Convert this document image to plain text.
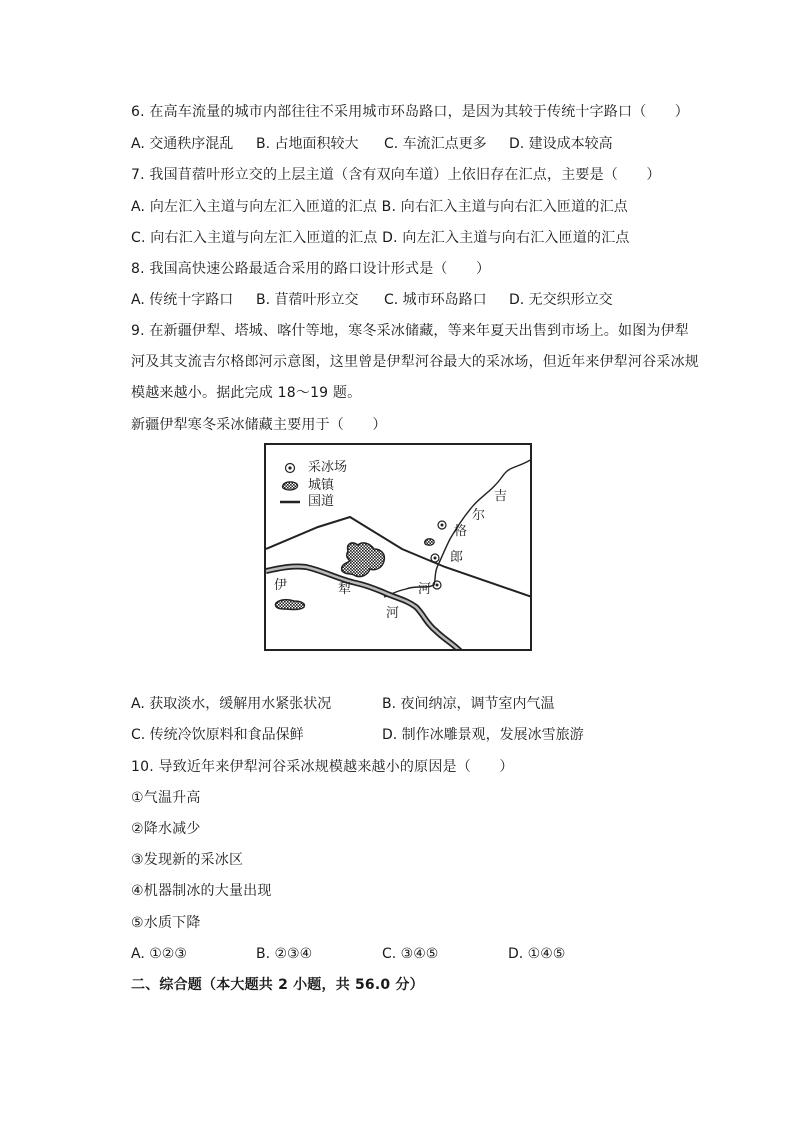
6. 在高车流量的城市内部往往不采用城市环岛路口，是因为其较于传统十字路口（　　）
A. 交通秩序混乱 B. 占地面积较大 C. 车流汇点更多 D. 建设成本较高
7. 我国苜蓿叶形立交的上层主道（含有双向车道）上依旧存在汇点，主要是（　　）
A. 向左汇入主道与向左汇入匝道的汇点 B. 向右汇入主道与向右汇入匝道的汇点
C. 向右汇入主道与向左汇入匝道的汇点 D. 向左汇入主道与向右汇入匝道的汇点
8. 我国高快速公路最适合采用的路口设计形式是（　　）
A. 传统十字路口 B. 苜蓿叶形立交 C. 城市环岛路口 D. 无交织形立交
9. 在新疆伊犁、塔城、喀什等地，寒冬采冰储藏，等来年夏天出售到市场上。如图为伊犁
河及其支流吉尔格郎河示意图，这里曾是伊犁河谷最大的采冰场，但近年来伊犁河谷采冰规
模越来越小。据此完成 18～19 题。
新疆伊犁寒冬采冰储藏主要用于（　　）
采冰场
城镇
国道
伊	犁
河
吉
尔
格
郎
河
A. 获取淡水，缓解用水紧张状况	B. 夜间纳凉，调节室内气温
C. 传统冷饮原料和食品保鲜	D. 制作冰雕景观，发展冰雪旅游
10. 导致近年来伊犁河谷采冰规模越来越小的原因是（　　）
①气温升高
②降水减少
③发现新的采冰区
④机器制冰的大量出现
⑤水质下降
A. ①②③	B. ②③④	C. ③④⑤	D. ①④⑤
二、综合题（本大题共 2 小题，共 56.0 分）
